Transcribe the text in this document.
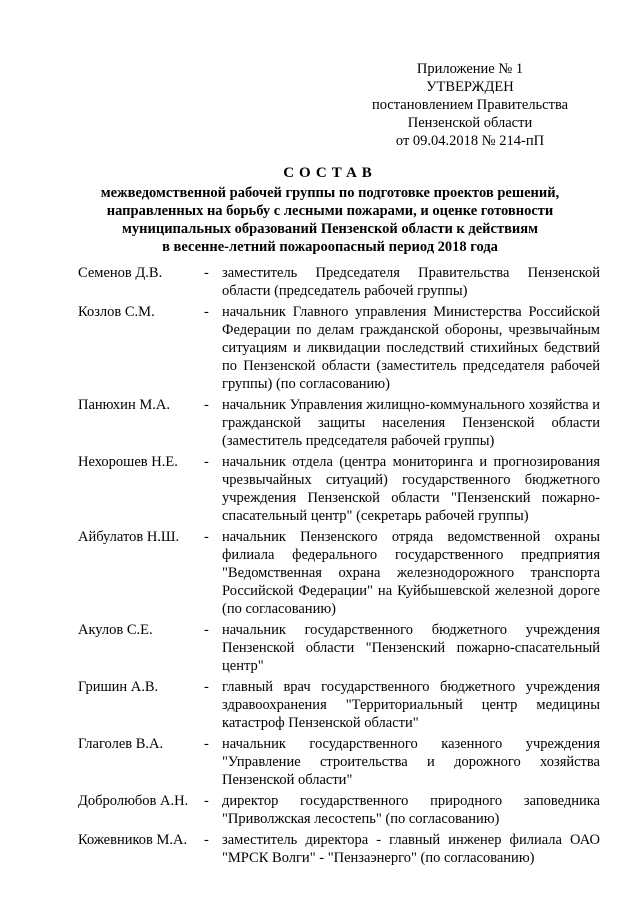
Приложение № 1
УТВЕРЖДЕН
постановлением Правительства
Пензенской области
от 09.04.2018 № 214-пП
СОСТАВ
межведомственной рабочей группы по подготовке проектов решений,
направленных на борьбу с лесными пожарами, и оценке готовности
муниципальных образований Пензенской области к действиям
в весенне-летний пожароопасный период 2018 года
Семенов Д.В.	- заместитель Председателя Правительства Пензенской области (председатель рабочей группы)
Козлов С.М.	- начальник Главного управления Министерства Российской Федерации по делам гражданской обороны, чрезвычайным ситуациям и ликвидации последствий стихийных бедствий по Пензенской области (заместитель председателя рабочей группы) (по согласованию)
Панюхин М.А.	- начальник Управления жилищно-коммунального хозяйства и гражданской защиты населения Пензенской области (заместитель председателя рабочей группы)
Нехорошев Н.Е.	- начальник отдела (центра мониторинга и прогнозирования чрезвычайных ситуаций) государственного бюджетного учреждения Пензенской области "Пензенский пожарно-спасательный центр" (секретарь рабочей группы)
Айбулатов Н.Ш.	- начальник Пензенского отряда ведомственной охраны филиала федерального государственного предприятия "Ведомственная охрана железнодорожного транспорта Российской Федерации" на Куйбышевской железной дороге (по согласованию)
Акулов С.Е.	- начальник государственного бюджетного учреждения Пензенской области "Пензенский пожарно-спасательный центр"
Гришин А.В.	- главный врач государственного бюджетного учреждения здравоохранения "Территориальный центр медицины катастроф Пензенской области"
Глаголев В.А.	- начальник государственного казенного учреждения "Управление строительства и дорожного хозяйства Пензенской области"
Добролюбов А.Н.	- директор государственного природного заповедника "Приволжская лесостепь" (по согласованию)
Кожевников М.А.	- заместитель директора - главный инженер филиала ОАО "МРСК Волги" - "Пензаэнерго" (по согласованию)
